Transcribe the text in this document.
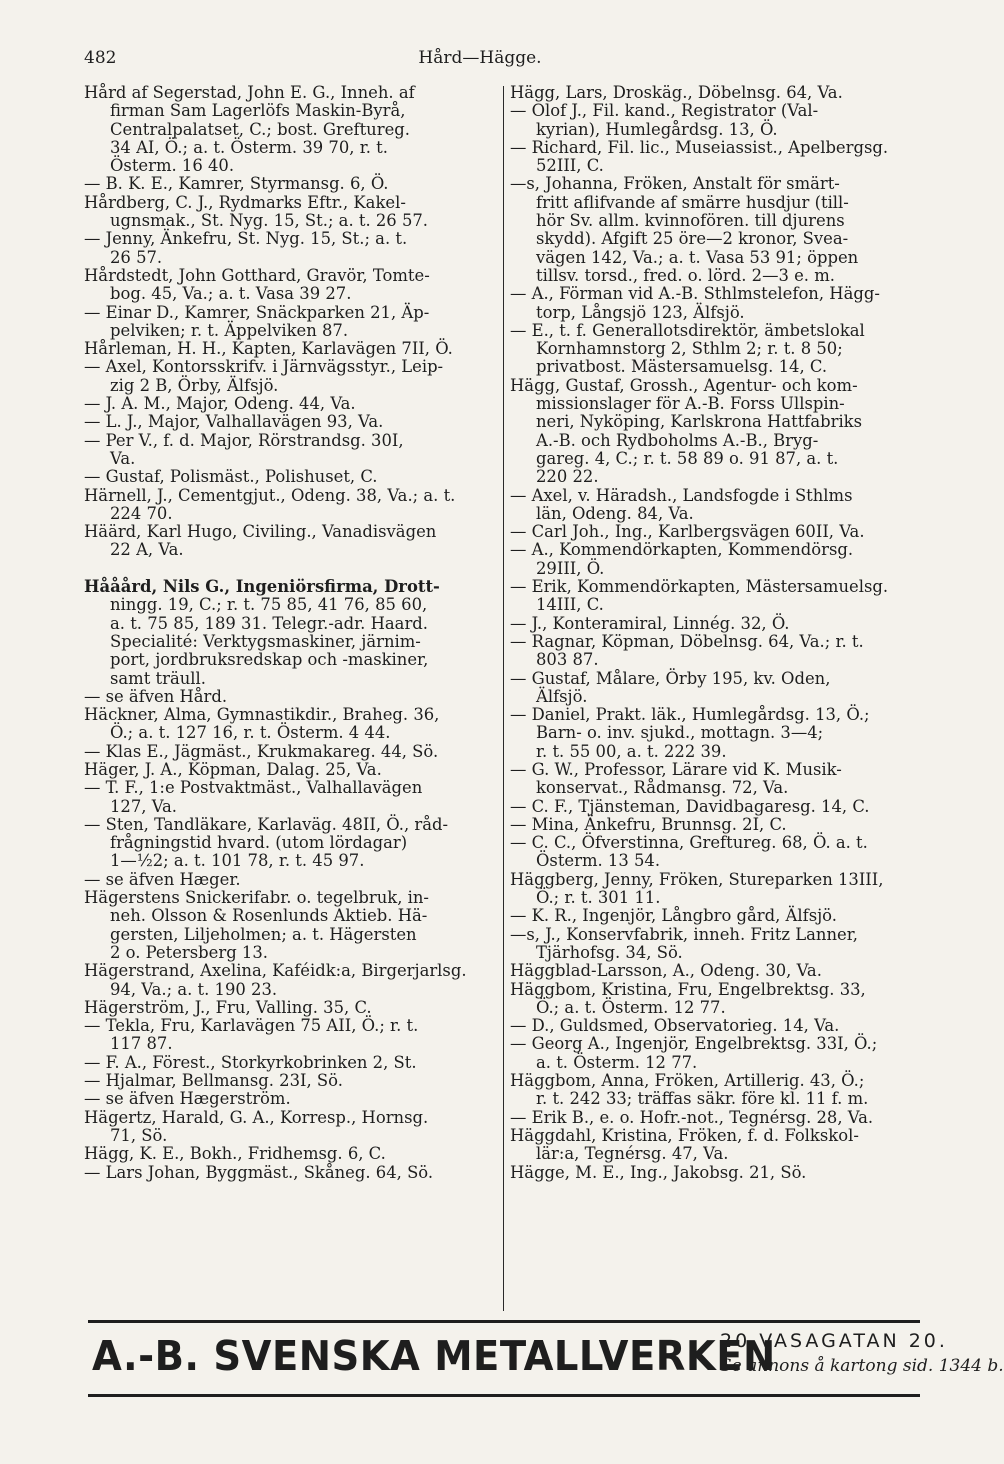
482	Hård—Hägge.
Hård af Segerstad, John E. G., Inneh. af
firman Sam Lagerlöfs Maskin-Byrå,
Centralpalatset, C.; bost. Greftureg.
34 AI, Ö.; a. t. Österm. 39 70, r. t.
Österm. 16 40.
— B. K. E., Kamrer, Styrmansg. 6, Ö.
Hårdberg, C. J., Rydmarks Eftr., Kakel-
ugnsmak., St. Nyg. 15, St.; a. t. 26 57.
— Jenny, Änkefru, St. Nyg. 15, St.; a. t.
26 57.
Hårdstedt, John Gotthard, Gravör, Tomte-
bog. 45, Va.; a. t. Vasa 39 27.
— Einar D., Kamrer, Snäckparken 21, Äp-
pelviken; r. t. Äppelviken 87.
Hårleman, H. H., Kapten, Karlavägen 7II, Ö.
— Axel, Kontorsskrifv. i Järnvägsstyr., Leip-
zig 2 B, Örby, Älfsjö.
— J. A. M., Major, Odeng. 44, Va.
— L. J., Major, Valhallavägen 93, Va.
— Per V., f. d. Major, Rörstrandsg. 30I,
Va.
— Gustaf, Polismäst., Polishuset, C.
Härnell, J., Cementgjut., Odeng. 38, Va.; a. t.
224 70.
Häärd, Karl Hugo, Civiling., Vanadisvägen
22 A, Va.
Hååård, Nils G., Ingeniörsfirma, Drott-
ningg. 19, C.; r. t. 75 85, 41 76, 85 60,
a. t. 75 85, 189 31. Telegr.-adr. Haard.
Specialité: Verktygsmaskiner, järnim-
port, jordbruksredskap och -maskiner,
samt träull.
— se äfven Hård.
Häckner, Alma, Gymnastikdir., Braheg. 36,
Ö.; a. t. 127 16, r. t. Österm. 4 44.
— Klas E., Jägmäst., Krukmakareg. 44, Sö.
Häger, J. A., Köpman, Dalag. 25, Va.
— T. F., 1:e Postvaktmäst., Valhallavägen
127, Va.
— Sten, Tandläkare, Karlaväg. 48II, Ö., råd-
frågningstid hvard. (utom lördagar)
1—½2; a. t. 101 78, r. t. 45 97.
— se äfven Hæger.
Hägerstens Snickerifabr. o. tegelbruk, in-
neh. Olsson & Rosenlunds Aktieb. Hä-
gersten, Liljeholmen; a. t. Hägersten
2 o. Petersberg 13.
Hägerstrand, Axelina, Kaféidk:a, Birgerjarlsg.
94, Va.; a. t. 190 23.
Hägerström, J., Fru, Valling. 35, C.
— Tekla, Fru, Karlavägen 75 AII, Ö.; r. t.
117 87.
— F. A., Förest., Storkyrkobrinken 2, St.
— Hjalmar, Bellmansg. 23I, Sö.
— se äfven Hægerström.
Hägertz, Harald, G. A., Korresp., Hornsg.
71, Sö.
Hägg, K. E., Bokh., Fridhemsg. 6, C.
— Lars Johan, Byggmäst., Skåneg. 64, Sö.
Hägg, Lars, Droskäg., Döbelnsg. 64, Va.
— Olof J., Fil. kand., Registrator (Val-
kyrian), Humlegårdsg. 13, Ö.
— Richard, Fil. lic., Museiassist., Apelbergsg.
52III, C.
—s, Johanna, Fröken, Anstalt för smärt-
fritt aflifvande af smärre husdjur (till-
hör Sv. allm. kvinnofören. till djurens
skydd). Afgift 25 öre—2 kronor, Svea-
vägen 142, Va.; a. t. Vasa 53 91; öppen
tillsv. torsd., fred. o. lörd. 2—3 e. m.
— A., Förman vid A.-B. Sthlmstelefon, Hägg-
torp, Långsjö 123, Älfsjö.
— E., t. f. Generallotsdirektör, ämbetslokal
Kornhamnstorg 2, Sthlm 2; r. t. 8 50;
privatbost. Mästersamuelsg. 14, C.
Hägg, Gustaf, Grossh., Agentur- och kom-
missionslager för A.-B. Forss Ullspin-
neri, Nyköping, Karlskrona Hattfabriks
A.-B. och Rydboholms A.-B., Bryg-
gareg. 4, C.; r. t. 58 89 o. 91 87, a. t.
220 22.
— Axel, v. Häradsh., Landsfogde i Sthlms
län, Odeng. 84, Va.
— Carl Joh., Ing., Karlbergsvägen 60II, Va.
— A., Kommendörkapten, Kommendörsg.
29III, Ö.
— Erik, Kommendörkapten, Mästersamuelsg.
14III, C.
— J., Konteramiral, Linnég. 32, Ö.
— Ragnar, Köpman, Döbelnsg. 64, Va.; r. t.
803 87.
— Gustaf, Målare, Örby 195, kv. Oden,
Älfsjö.
— Daniel, Prakt. läk., Humlegårdsg. 13, Ö.;
Barn- o. inv. sjukd., mottagn. 3—4;
r. t. 55 00, a. t. 222 39.
— G. W., Professor, Lärare vid K. Musik-
konservat., Rådmansg. 72, Va.
— C. F., Tjänsteman, Davidbagaresg. 14, C.
— Mina, Änkefru, Brunnsg. 2I, C.
— C. C., Öfverstinna, Greftureg. 68, Ö. a. t.
Österm. 13 54.
Häggberg, Jenny, Fröken, Stureparken 13III,
Ö.; r. t. 301 11.
— K. R., Ingenjör, Långbro gård, Älfsjö.
—s, J., Konservfabrik, inneh. Fritz Lanner,
Tjärhofsg. 34, Sö.
Häggblad-Larsson, A., Odeng. 30, Va.
Häggbom, Kristina, Fru, Engelbrektsg. 33,
Ö.; a. t. Österm. 12 77.
— D., Guldsmed, Observatorieg. 14, Va.
— Georg A., Ingenjör, Engelbrektsg. 33I, Ö.;
a. t. Österm. 12 77.
Häggbom, Anna, Fröken, Artillerig. 43, Ö.;
r. t. 242 33; träffas säkr. före kl. 11 f. m.
— Erik B., e. o. Hofr.-not., Tegnérsg. 28, Va.
Häggdahl, Kristina, Fröken, f. d. Folkskol-
lär:a, Tegnérsg. 47, Va.
Hägge, M. E., Ing., Jakobsg. 21, Sö.
A.-B. SVENSKA METALLVERKEN
20 VASAGATAN 20.
Se annons å kartong sid. 1344 b.
